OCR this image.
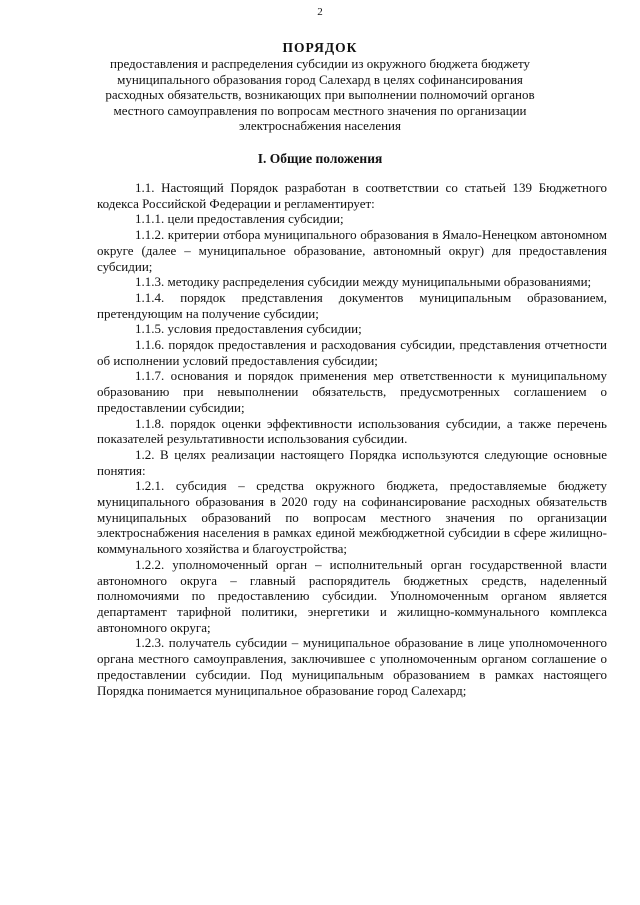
2
ПОРЯДОК
предоставления и распределения субсидии из окружного бюджета бюджету
муниципального образования город Салехард в целях софинансирования
расходных обязательств, возникающих при выполнении полномочий органов
местного самоуправления по вопросам местного значения по организации
электроснабжения населения
I. Общие положения

1.1. Настоящий Порядок разработан в соответствии со статьей 139 Бюджетного кодекса Российской Федерации и регламентирует:

1.1.1. цели предоставления субсидии;

1.1.2. критерии отбора муниципального образования в Ямало-Ненецком автономном округе (далее – муниципальное образование, автономный округ) для предоставления субсидии;

1.1.3. методику распределения субсидии между муниципальными образованиями;

1.1.4. порядок представления документов муниципальным образованием, претендующим на получение субсидии;

1.1.5. условия предоставления субсидии;

1.1.6. порядок предоставления и расходования субсидии, представления отчетности об исполнении условий предоставления субсидии;

1.1.7. основания и порядок применения мер ответственности к муниципальному образованию при невыполнении обязательств, предусмотренных соглашением о предоставлении субсидии;

1.1.8. порядок оценки эффективности использования субсидии, а также перечень показателей результативности использования субсидии.

1.2. В целях реализации настоящего Порядка используются следующие основные понятия:

1.2.1. субсидия – средства окружного бюджета, предоставляемые бюджету муниципального образования в 2020 году на софинансирование расходных обязательств муниципальных образований по вопросам местного значения по организации электроснабжения населения в рамках единой межбюджетной субсидии в сфере жилищно-коммунального хозяйства и благоустройства;

1.2.2. уполномоченный орган – исполнительный орган государственной власти автономного округа – главный распорядитель бюджетных средств, наделенный полномочиями по предоставлению субсидии. Уполномоченным органом является департамент тарифной политики, энергетики и жилищно-коммунального комплекса автономного округа;

1.2.3. получатель субсидии – муниципальное образование в лице уполномоченного органа местного самоуправления, заключившее с уполномоченным органом соглашение о предоставлении субсидии. Под муниципальным образованием в рамках настоящего Порядка понимается муниципальное образование город Салехард;
